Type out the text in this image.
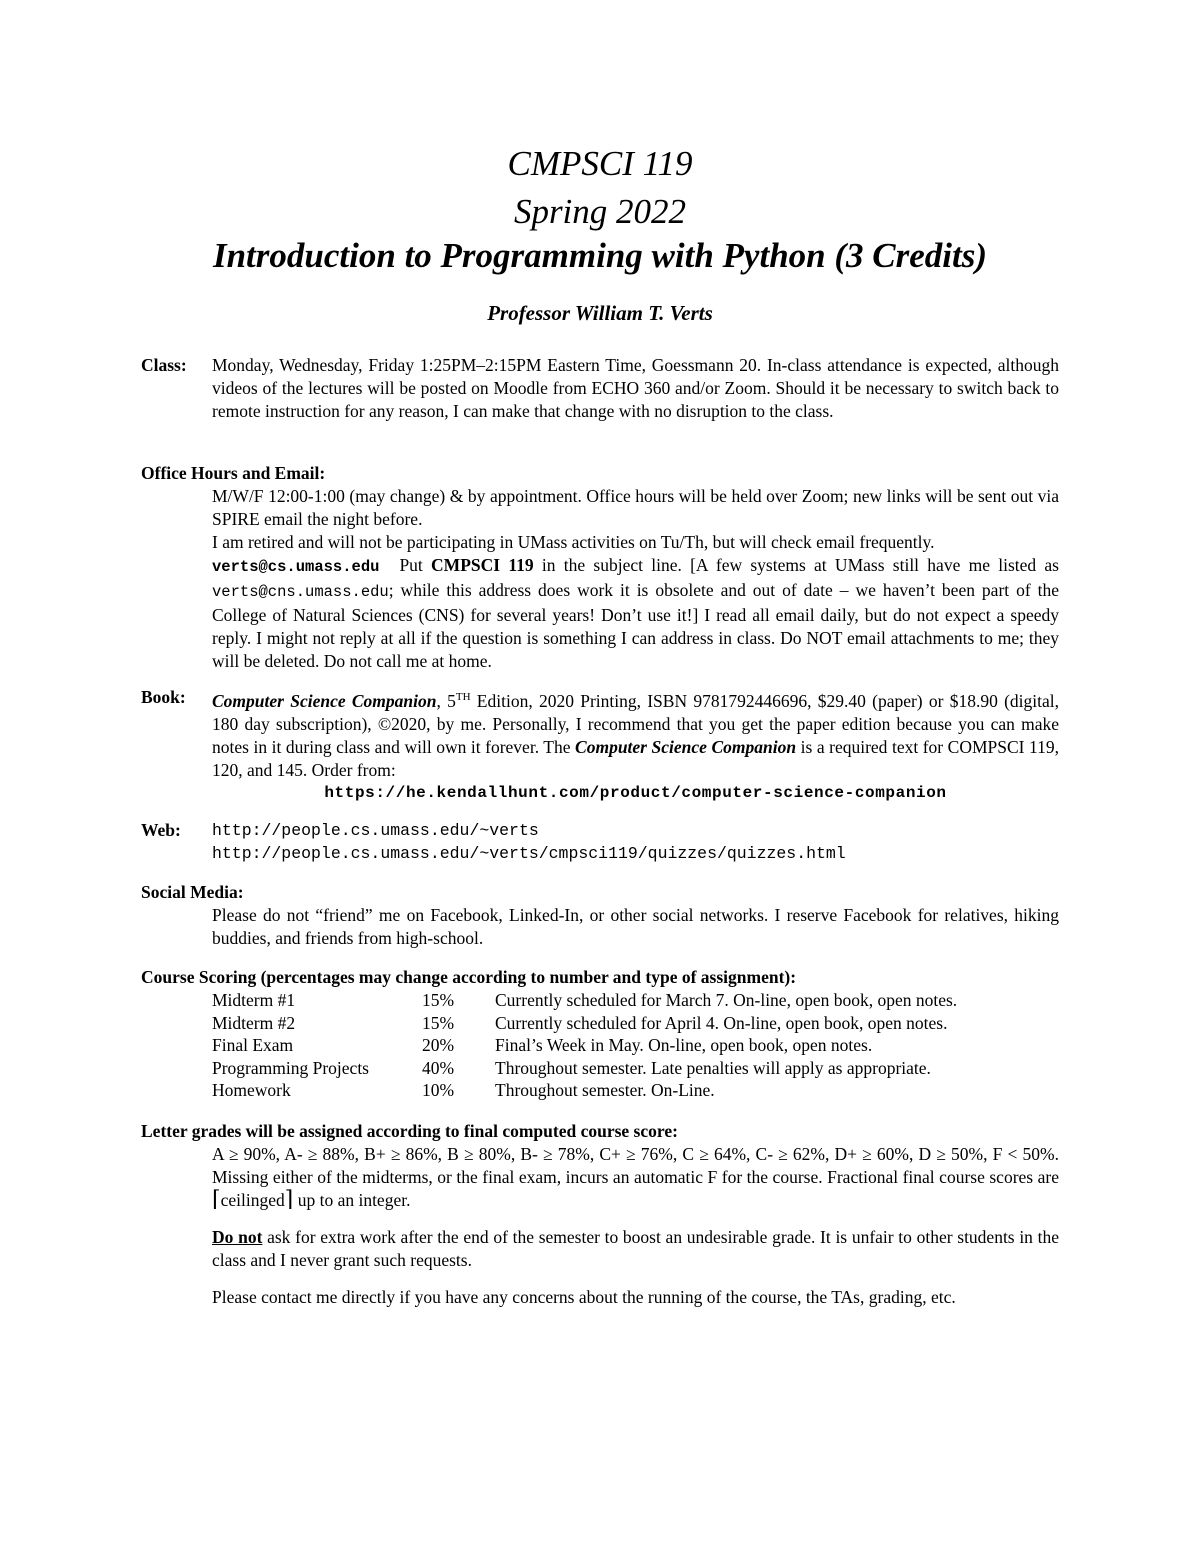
CMPSCI 119
Spring 2022
Introduction to Programming with Python (3 Credits)
Professor William T. Verts
Class: Monday, Wednesday, Friday 1:25PM–2:15PM Eastern Time, Goessmann 20. In-class attendance is expected, although videos of the lectures will be posted on Moodle from ECHO 360 and/or Zoom. Should it be necessary to switch back to remote instruction for any reason, I can make that change with no disruption to the class.
Office Hours and Email:
M/W/F 12:00-1:00 (may change) & by appointment. Office hours will be held over Zoom; new links will be sent out via SPIRE email the night before.
I am retired and will not be participating in UMass activities on Tu/Th, but will check email frequently.
verts@cs.umass.edu Put CMPSCI 119 in the subject line. [A few systems at UMass still have me listed as verts@cns.umass.edu; while this address does work it is obsolete and out of date – we haven’t been part of the College of Natural Sciences (CNS) for several years! Don’t use it!] I read all email daily, but do not expect a speedy reply. I might not reply at all if the question is something I can address in class. Do NOT email attachments to me; they will be deleted. Do not call me at home.
Book: Computer Science Companion, 5TH Edition, 2020 Printing, ISBN 9781792446696, $29.40 (paper) or $18.90 (digital, 180 day subscription), ©2020, by me. Personally, I recommend that you get the paper edition because you can make notes in it during class and will own it forever. The Computer Science Companion is a required text for COMPSCI 119, 120, and 145. Order from:
https://he.kendallhunt.com/product/computer-science-companion
Web: http://people.cs.umass.edu/~verts
http://people.cs.umass.edu/~verts/cmpsci119/quizzes/quizzes.html
Social Media:
Please do not “friend” me on Facebook, Linked-In, or other social networks. I reserve Facebook for relatives, hiking buddies, and friends from high-school.
Course Scoring (percentages may change according to number and type of assignment):
Midterm #1	15%	Currently scheduled for March 7. On-line, open book, open notes.
Midterm #2	15%	Currently scheduled for April 4. On-line, open book, open notes.
Final Exam	20%	Final’s Week in May. On-line, open book, open notes.
Programming Projects	40%	Throughout semester. Late penalties will apply as appropriate.
Homework	10%	Throughout semester. On-Line.
Letter grades will be assigned according to final computed course score:
A ≥ 90%, A- ≥ 88%, B+ ≥ 86%, B ≥ 80%, B- ≥ 78%, C+ ≥ 76%, C ≥ 64%, C- ≥ 62%, D+ ≥ 60%, D ≥ 50%, F < 50%. Missing either of the midterms, or the final exam, incurs an automatic F for the course. Fractional final course scores are ⌈ceilinged⌉ up to an integer.
Do not ask for extra work after the end of the semester to boost an undesirable grade. It is unfair to other students in the class and I never grant such requests.
Please contact me directly if you have any concerns about the running of the course, the TAs, grading, etc.
